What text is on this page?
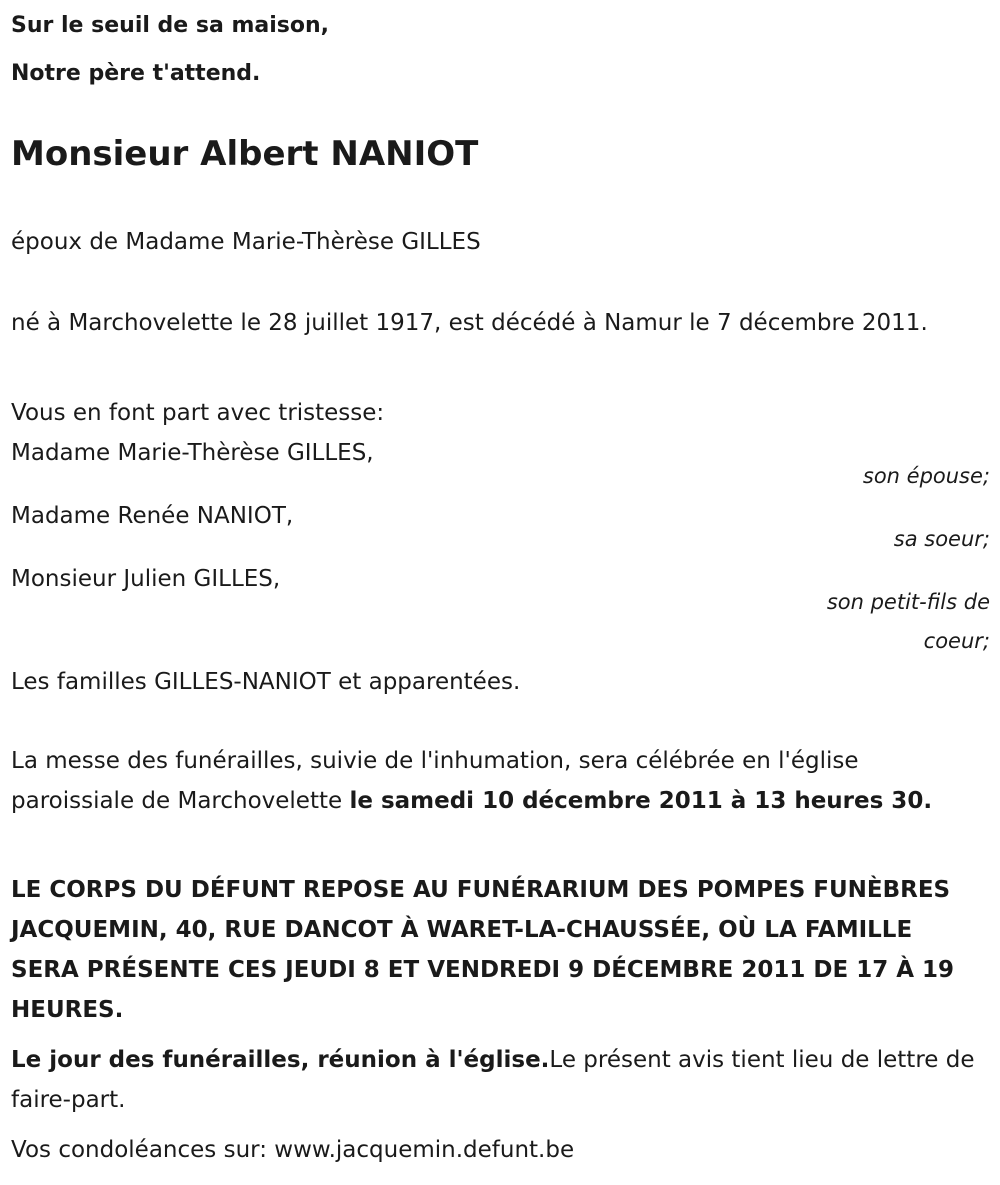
Sur le seuil de sa maison,

Notre père t'attend.

Monsieur Albert NANIOT

époux de Madame Marie-Thèrèse GILLES

né à Marchovelette le 28 juillet 1917, est décédé à Namur le 7 décembre 2011.

Vous en font part avec tristesse:

Madame Marie-Thèrèse GILLES,

son épouse;

Madame Renée NANIOT,

sa soeur;

Monsieur Julien GILLES,

son petit-fils de

coeur;

Les familles GILLES-NANIOT et apparentées.

La messe des funérailles, suivie de l'inhumation, sera célébrée en l'église paroissiale de Marchovelette le samedi 10 décembre 2011 à 13 heures 30.

LE CORPS DU DÉFUNT REPOSE AU FUNÉRARIUM DES POMPES FUNÈBRES JACQUEMIN, 40, RUE DANCOT À WARET-LA-CHAUSSÉE, OÙ LA FAMILLE SERA PRÉSENTE CES JEUDI 8 ET VENDREDI 9 DÉCEMBRE 2011 DE 17 À 19 HEURES.

Le jour des funérailles, réunion à l'église.Le présent avis tient lieu de lettre de faire-part.

Vos condoléances sur: www.jacquemin.defunt.be
